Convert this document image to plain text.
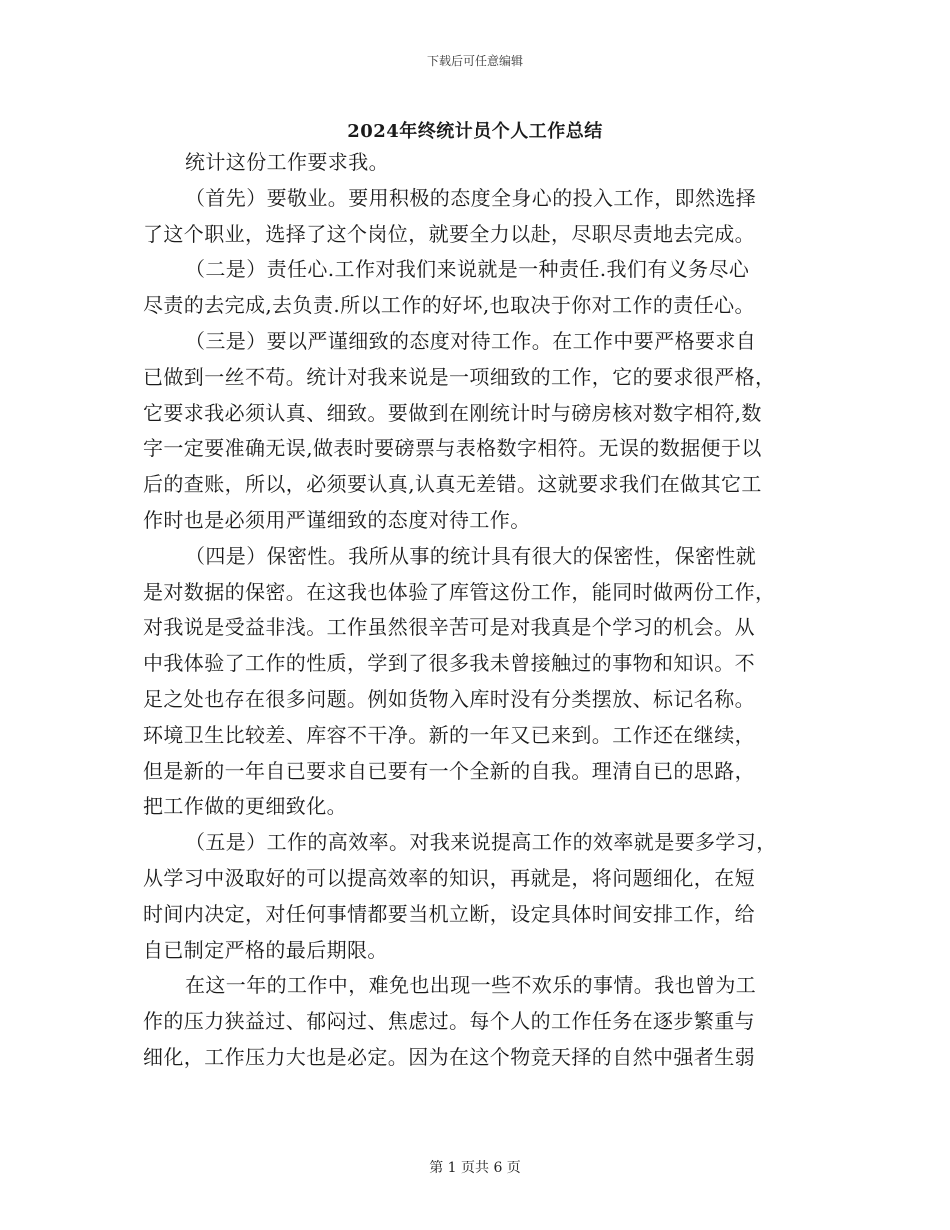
下载后可任意编辑
2024年终统计员个人工作总结
统计这份工作要求我。
（首先）要敬业。要用积极的态度全身心的投入工作，即然选择
了这个职业，选择了这个岗位，就要全力以赴，尽职尽责地去完成。
（二是）责任心.工作对我们来说就是一种责任.我们有义务尽心
尽责的去完成,去负责.所以工作的好坏,也取决于你对工作的责任心。
（三是）要以严谨细致的态度对待工作。在工作中要严格要求自
已做到一丝不苟。统计对我来说是一项细致的工作，它的要求很严格，
它要求我必须认真、细致。要做到在刚统计时与磅房核对数字相符,数
字一定要准确无误,做表时要磅票与表格数字相符。无误的数据便于以
后的查账，所以，必须要认真,认真无差错。这就要求我们在做其它工
作时也是必须用严谨细致的态度对待工作。
（四是）保密性。我所从事的统计具有很大的保密性，保密性就
是对数据的保密。在这我也体验了库管这份工作，能同时做两份工作，
对我说是受益非浅。工作虽然很辛苦可是对我真是个学习的机会。从
中我体验了工作的性质，学到了很多我未曾接触过的事物和知识。不
足之处也存在很多问题。例如货物入库时没有分类摆放、标记名称。
环境卫生比较差、库容不干净。新的一年又已来到。工作还在继续，
但是新的一年自已要求自已要有一个全新的自我。理清自已的思路，
把工作做的更细致化。
（五是）工作的高效率。对我来说提高工作的效率就是要多学习，
从学习中汲取好的可以提高效率的知识，再就是，将问题细化，在短
时间内决定，对任何事情都要当机立断，设定具体时间安排工作，给
自已制定严格的最后期限。
在这一年的工作中，难免也出现一些不欢乐的事情。我也曾为工
作的压力狭益过、郁闷过、焦虑过。每个人的工作任务在逐步繁重与
细化，工作压力大也是必定。因为在这个物竞天择的自然中强者生弱
第 1 页共 6 页
